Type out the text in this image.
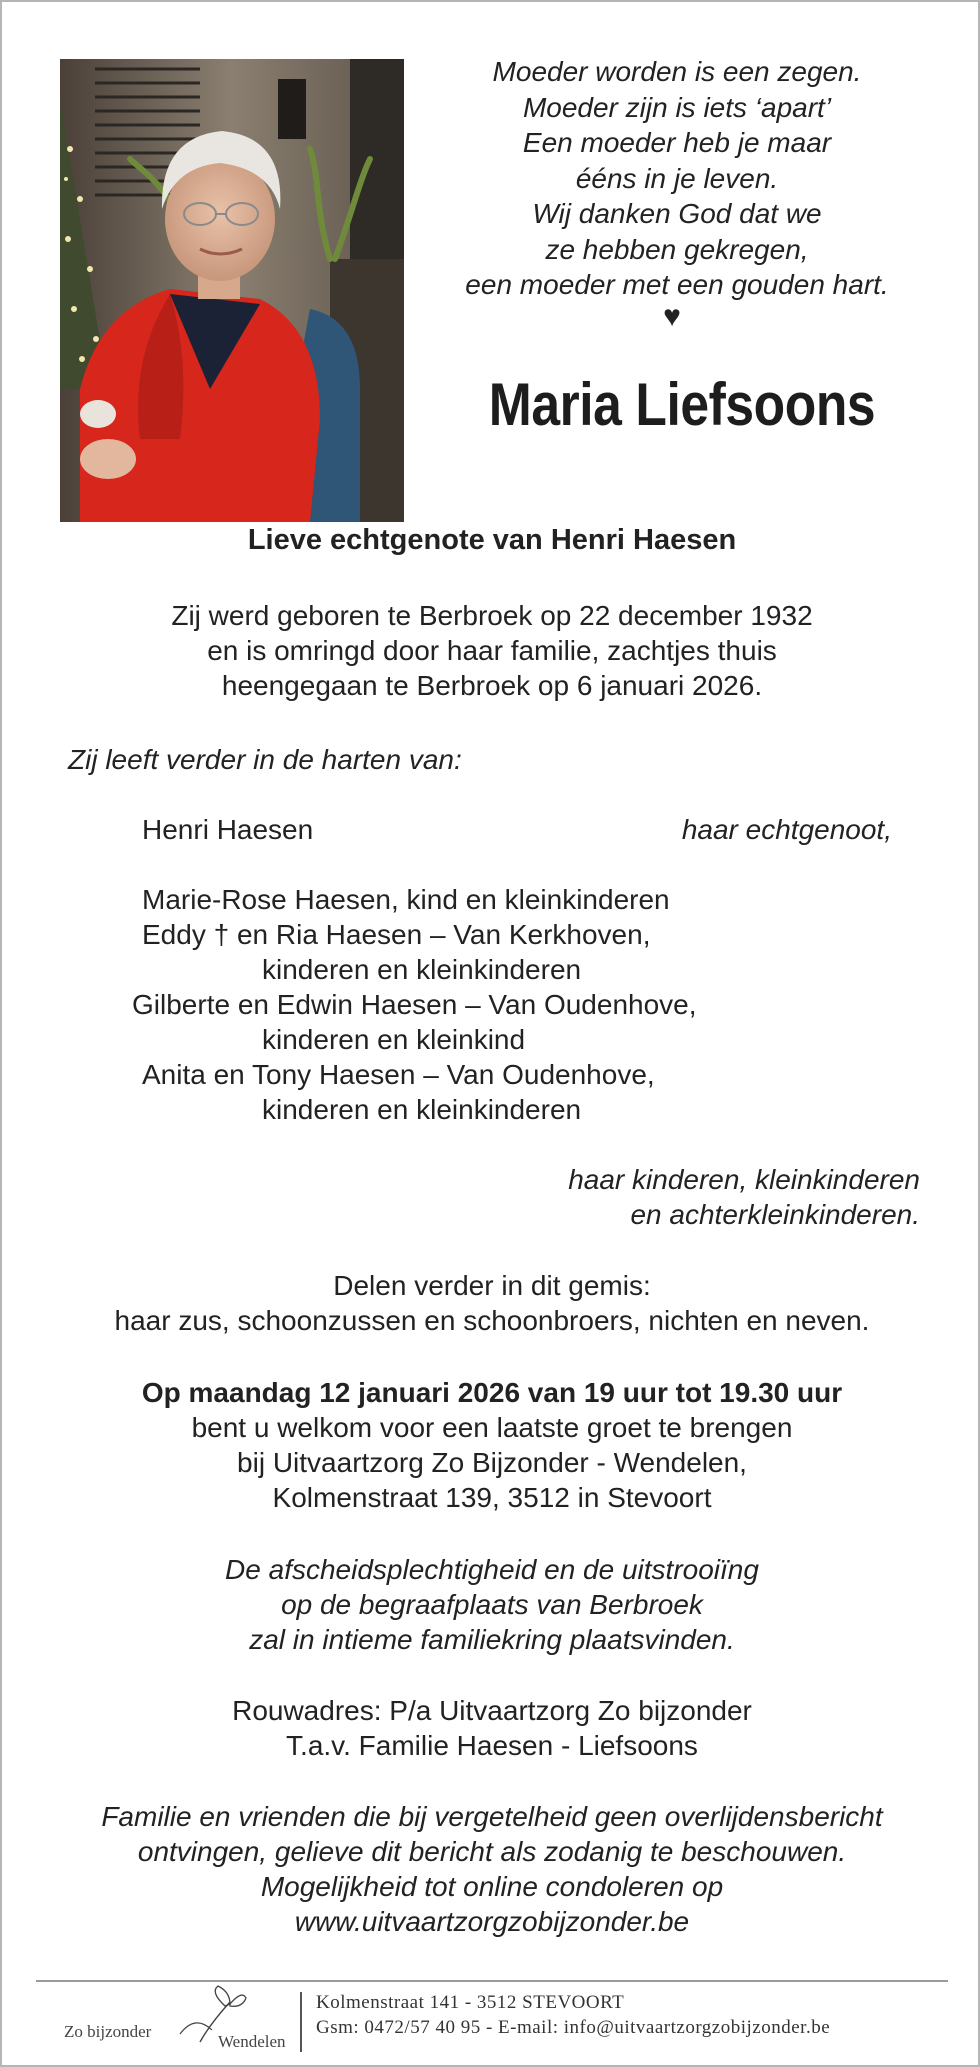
Moeder worden is een zegen.
Moeder zijn is iets ‘apart’
Een moeder heb je maar
ééns in je leven.
Wij danken God dat we
ze hebben gekregen,
een moeder met een gouden hart.
♥
Maria Liefsoons
Lieve echtgenote van Henri Haesen
Zij werd geboren te Berbroek op 22 december 1932
en is omringd door haar familie, zachtjes thuis
heengegaan te Berbroek op 6 januari 2026.
Zij leeft verder in de harten van:
Henri Haesen	haar echtgenoot,
Marie-Rose Haesen, kind en kleinkinderen
Eddy † en Ria Haesen – Van Kerkhoven,
kinderen en kleinkinderen
Gilberte en Edwin Haesen – Van Oudenhove,
kinderen en kleinkind
Anita en Tony Haesen – Van Oudenhove,
kinderen en kleinkinderen
haar kinderen, kleinkinderen
en achterkleinkinderen.
Delen verder in dit gemis:
haar zus, schoonzussen en schoonbroers, nichten en neven.
Op maandag 12 januari 2026 van 19 uur tot 19.30 uur
bent u welkom voor een laatste groet te brengen
bij Uitvaartzorg Zo Bijzonder - Wendelen,
Kolmenstraat 139, 3512 in Stevoort
De afscheidsplechtigheid en de uitstrooiïng
op de begraafplaats van Berbroek
zal in intieme familiekring plaatsvinden.
Rouwadres: P/a Uitvaartzorg Zo bijzonder
T.a.v. Familie Haesen - Liefsoons
Familie en vrienden die bij vergetelheid geen overlijdensbericht
ontvingen, gelieve dit bericht als zodanig te beschouwen.
Mogelijkheid tot online condoleren op
www.uitvaartzorgzobijzonder.be
Zo bijzonder
Wendelen
Kolmenstraat 141 - 3512 STEVOORT
Gsm: 0472/57 40 95 - E-mail: info@uitvaartzorgzobijzonder.be
